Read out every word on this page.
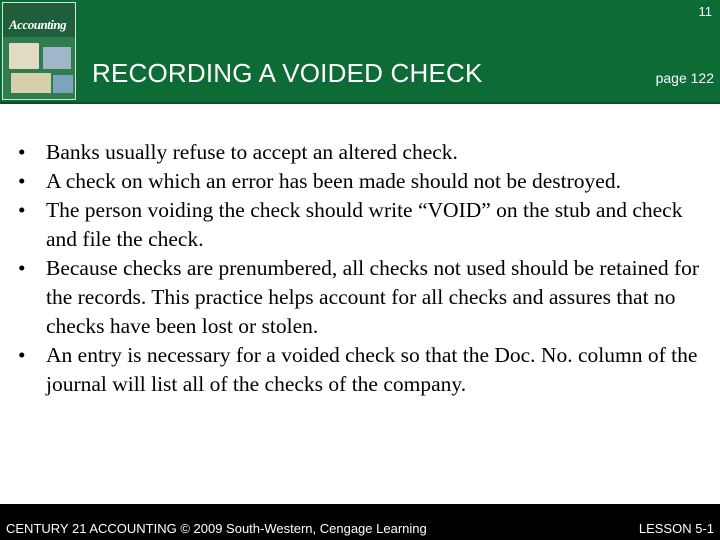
Accounting
11
RECORDING A VOIDED CHECK	page 122
• Banks usually refuse to accept an altered check.
• A check on which an error has been made should not be destroyed.
• The person voiding the check should write “VOID” on the stub and check and file the check.
• Because checks are prenumbered, all checks not used should be retained for the records. This practice helps account for all checks and assures that no checks have been lost or stolen.
• An entry is necessary for a voided check so that the Doc. No. column of the journal will list all of the checks of the company.
CENTURY 21 ACCOUNTING © 2009 South-Western, Cengage Learning	LESSON 5-1
